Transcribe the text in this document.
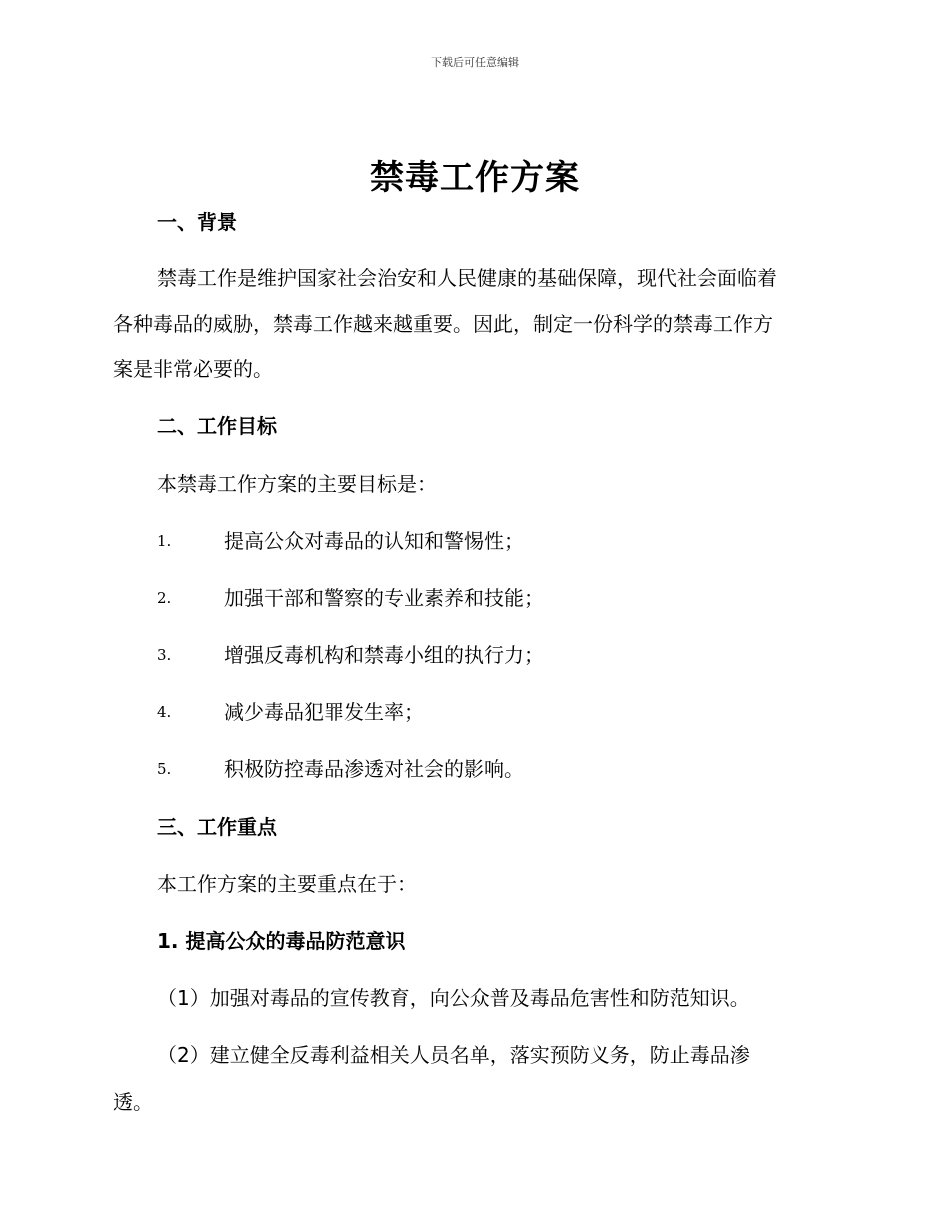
下载后可任意编辑
禁毒工作方案
一、背景
禁毒工作是维护国家社会治安和人民健康的基础保障，现代社会面临着
各种毒品的威胁，禁毒工作越来越重要。因此，制定一份科学的禁毒工作方
案是非常必要的。
二、工作目标
本禁毒工作方案的主要目标是：
1.	提高公众对毒品的认知和警惕性；
2.	加强干部和警察的专业素养和技能；
3.	增强反毒机构和禁毒小组的执行力；
4.	减少毒品犯罪发生率；
5.	积极防控毒品渗透对社会的影响。
三、工作重点
本工作方案的主要重点在于：
1. 提高公众的毒品防范意识
（1）加强对毒品的宣传教育，向公众普及毒品危害性和防范知识。
（2）建立健全反毒利益相关人员名单，落实预防义务，防止毒品渗
透。
